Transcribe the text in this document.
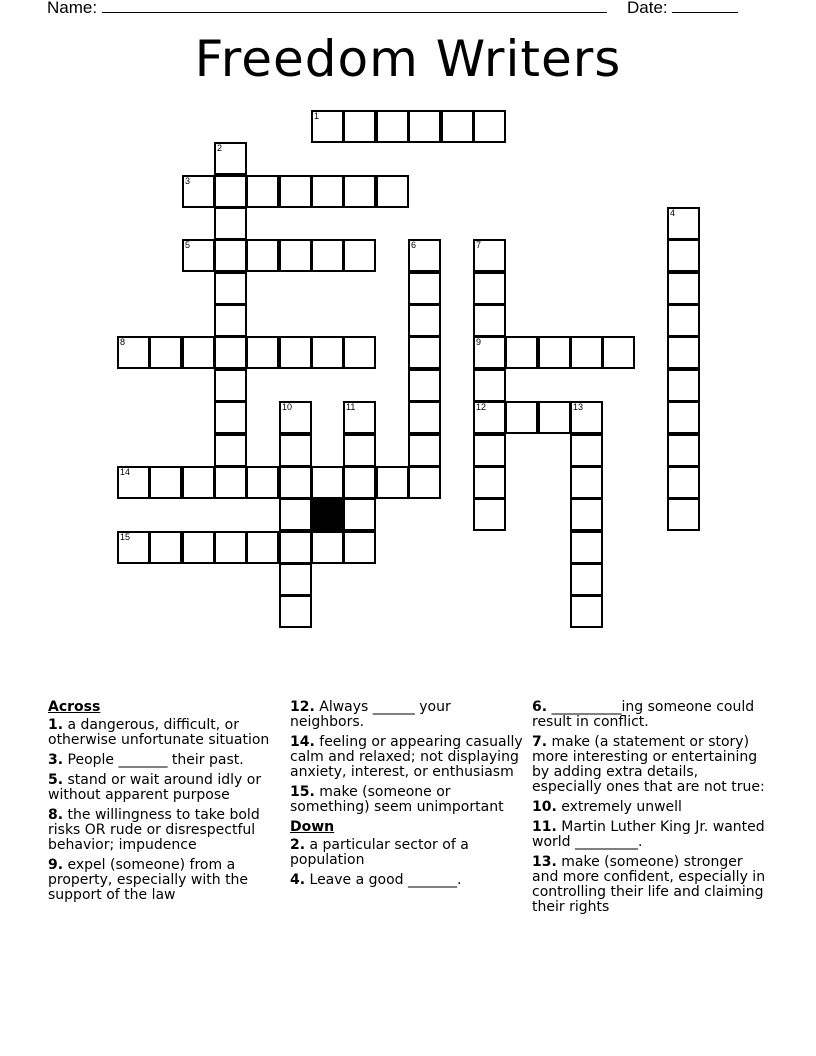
Name:	Date:
Freedom Writers
1
2
3
4
5	6	7
9
12
8
10	11	13
14
15
Across
1. a dangerous, difficult, or otherwise unfortunate situation
3. People _______ their past.
5. stand or wait around idly or without apparent purpose
8. the willingness to take bold risks OR rude or disrespectful behavior; impudence
9. expel (someone) from a property, especially with the support of the law
12. Always ______ your neighbors.
14. feeling or appearing casually calm and relaxed; not displaying anxiety, interest, or enthusiasm
15. make (someone or something) seem unimportant
Down
2. a particular sector of a population
4. Leave a good _______.
6. __________ing someone could result in conflict.
7. make (a statement or story) more interesting or entertaining by adding extra details, especially ones that are not true:
10. extremely unwell
11. Martin Luther King Jr. wanted world _________.
13. make (someone) stronger and more confident, especially in controlling their life and claiming their rights
